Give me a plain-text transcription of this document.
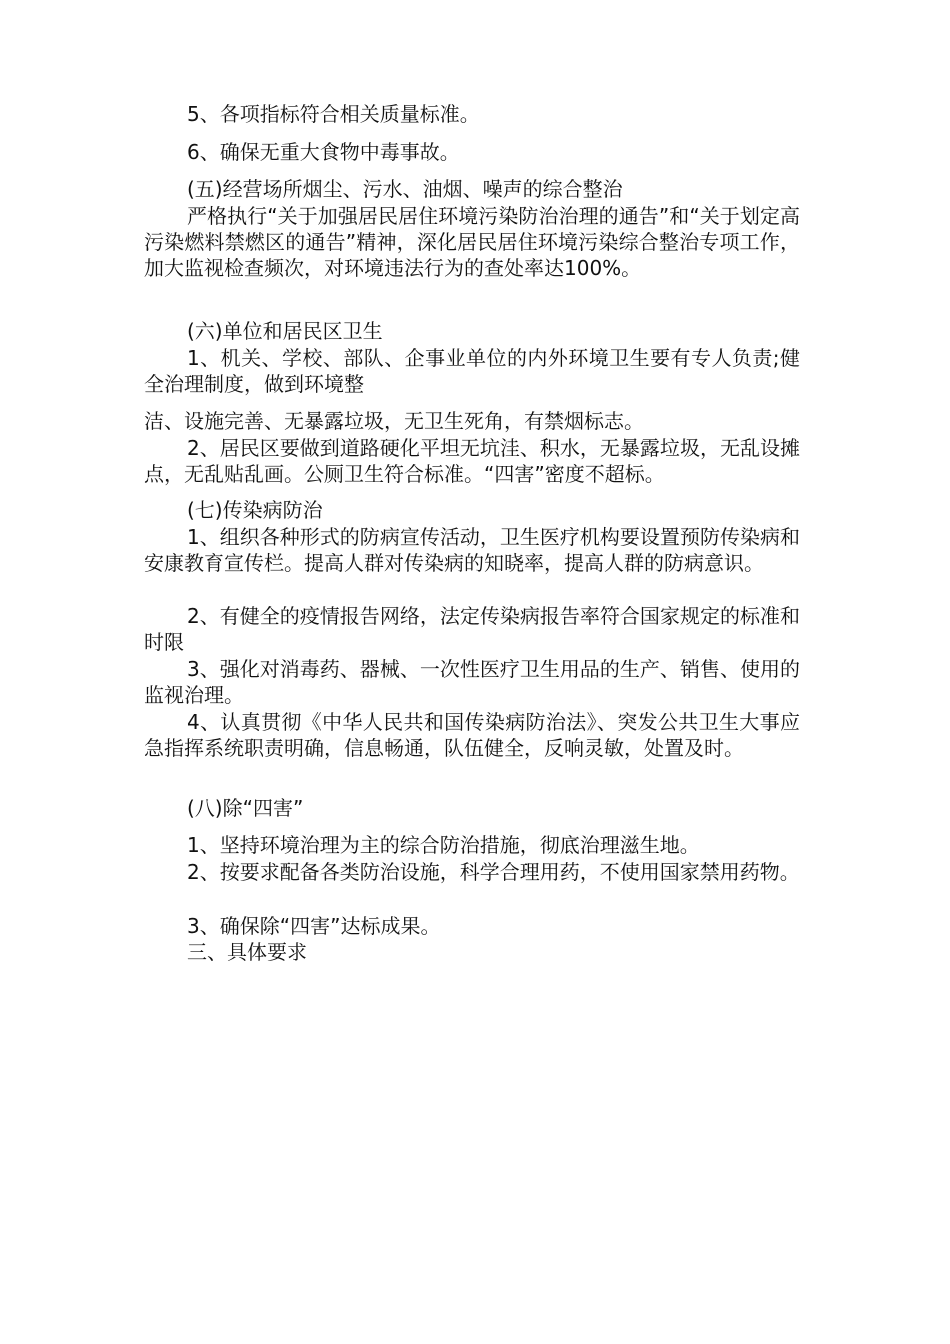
5、各项指标符合相关质量标准。

6、确保无重大食物中毒事故。

(五)经营场所烟尘、污水、油烟、噪声的综合整治

严格执行“关于加强居民居住环境污染防治治理的通告”和“关于划定高污染燃料禁燃区的通告”精神，深化居民居住环境污染综合整治专项工作，加大监视检查频次，对环境违法行为的查处率达100%。

(六)单位和居民区卫生

1、机关、学校、部队、企事业单位的内外环境卫生要有专人负责;健全治理制度，做到环境整

洁、设施完善、无暴露垃圾，无卫生死角，有禁烟标志。

2、居民区要做到道路硬化平坦无坑洼、积水，无暴露垃圾，无乱设摊点，无乱贴乱画。公厕卫生符合标准。“四害”密度不超标。

(七)传染病防治

1、组织各种形式的防病宣传活动，卫生医疗机构要设置预防传染病和安康教育宣传栏。提高人群对传染病的知晓率，提高人群的防病意识。

2、有健全的疫情报告网络，法定传染病报告率符合国家规定的标准和时限

3、强化对消毒药、器械、一次性医疗卫生用品的生产、销售、使用的监视治理。

4、认真贯彻《中华人民共和国传染病防治法》、突发公共卫生大事应急指挥系统职责明确，信息畅通，队伍健全，反响灵敏，处置及时。

(八)除“四害”

1、坚持环境治理为主的综合防治措施，彻底治理滋生地。

2、按要求配备各类防治设施，科学合理用药，不使用国家禁用药物。

3、确保除“四害”达标成果。

三、具体要求
